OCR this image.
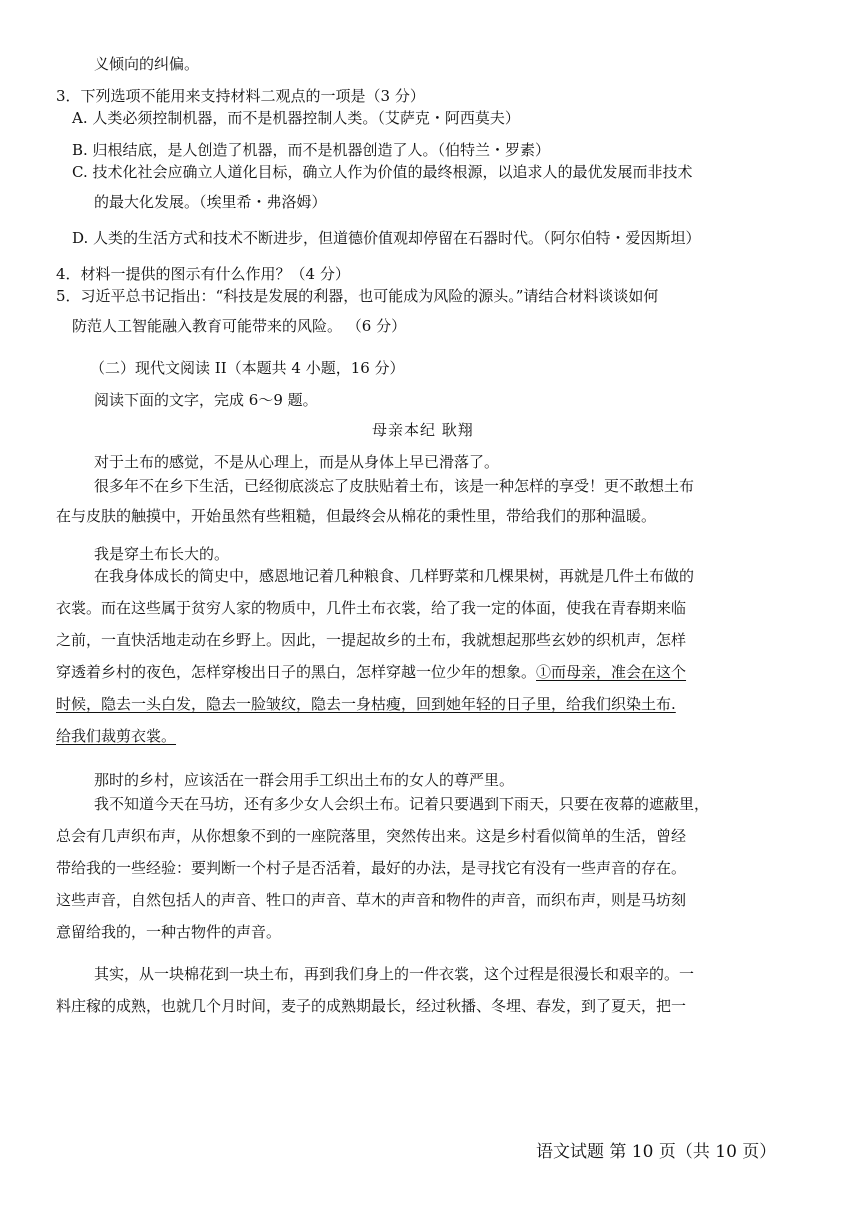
义倾向的纠偏。
3．下列选项不能用来支持材料二观点的一项是（3 分）
A. 人类必须控制机器，而不是机器控制人类。（艾萨克・阿西莫夫）
B. 归根结底，是人创造了机器，而不是机器创造了人。（伯特兰・罗素）
C. 技术化社会应确立人道化目标，确立人作为价值的最终根源，以追求人的最优发展而非技术
的最大化发展。（埃里希・弗洛姆）
D. 人类的生活方式和技术不断进步，但道德价值观却停留在石器时代。（阿尔伯特・爱因斯坦）
4．材料一提供的图示有什么作用？（4 分）
5．习近平总书记指出：“科技是发展的利器，也可能成为风险的源头。”请结合材料谈谈如何
防范人工智能融入教育可能带来的风险。 （6 分）
（二）现代文阅读 II（本题共 4 小题，16 分）
阅读下面的文字，完成 6～9 题。
母亲本纪 耿翔
对于土布的感觉，不是从心理上，而是从身体上早已滑落了。
很多年不在乡下生活，已经彻底淡忘了皮肤贴着土布，该是一种怎样的享受！更不敢想土布
在与皮肤的触摸中，开始虽然有些粗糙，但最终会从棉花的秉性里，带给我们的那种温暖。
我是穿土布长大的。
在我身体成长的简史中，感恩地记着几种粮食、几样野菜和几棵果树，再就是几件土布做的
衣裳。而在这些属于贫穷人家的物质中，几件土布衣裳，给了我一定的体面，使我在青春期来临
之前，一直快活地走动在乡野上。因此，一提起故乡的土布，我就想起那些玄妙的织机声，怎样
穿透着乡村的夜色，怎样穿梭出日子的黑白，怎样穿越一位少年的想象。①而母亲，准会在这个
时候，隐去一头白发，隐去一脸皱纹，隐去一身枯瘦，回到她年轻的日子里，给我们织染土布.
给我们裁剪衣裳。
那时的乡村，应该活在一群会用手工织出土布的女人的尊严里。
我不知道今天在马坊，还有多少女人会织土布。记着只要遇到下雨天，只要在夜幕的遮蔽里，
总会有几声织布声，从你想象不到的一座院落里，突然传出来。这是乡村看似简单的生活，曾经
带给我的一些经验：要判断一个村子是否活着，最好的办法，是寻找它有没有一些声音的存在。
这些声音，自然包括人的声音、牲口的声音、草木的声音和物件的声音，而织布声，则是马坊刻
意留给我的，一种古物件的声音。
其实，从一块棉花到一块土布，再到我们身上的一件衣裳，这个过程是很漫长和艰辛的。一
料庄稼的成熟，也就几个月时间，麦子的成熟期最长，经过秋播、冬埋、春发，到了夏天，把一
语文试题 第 10 页（共 10 页）
